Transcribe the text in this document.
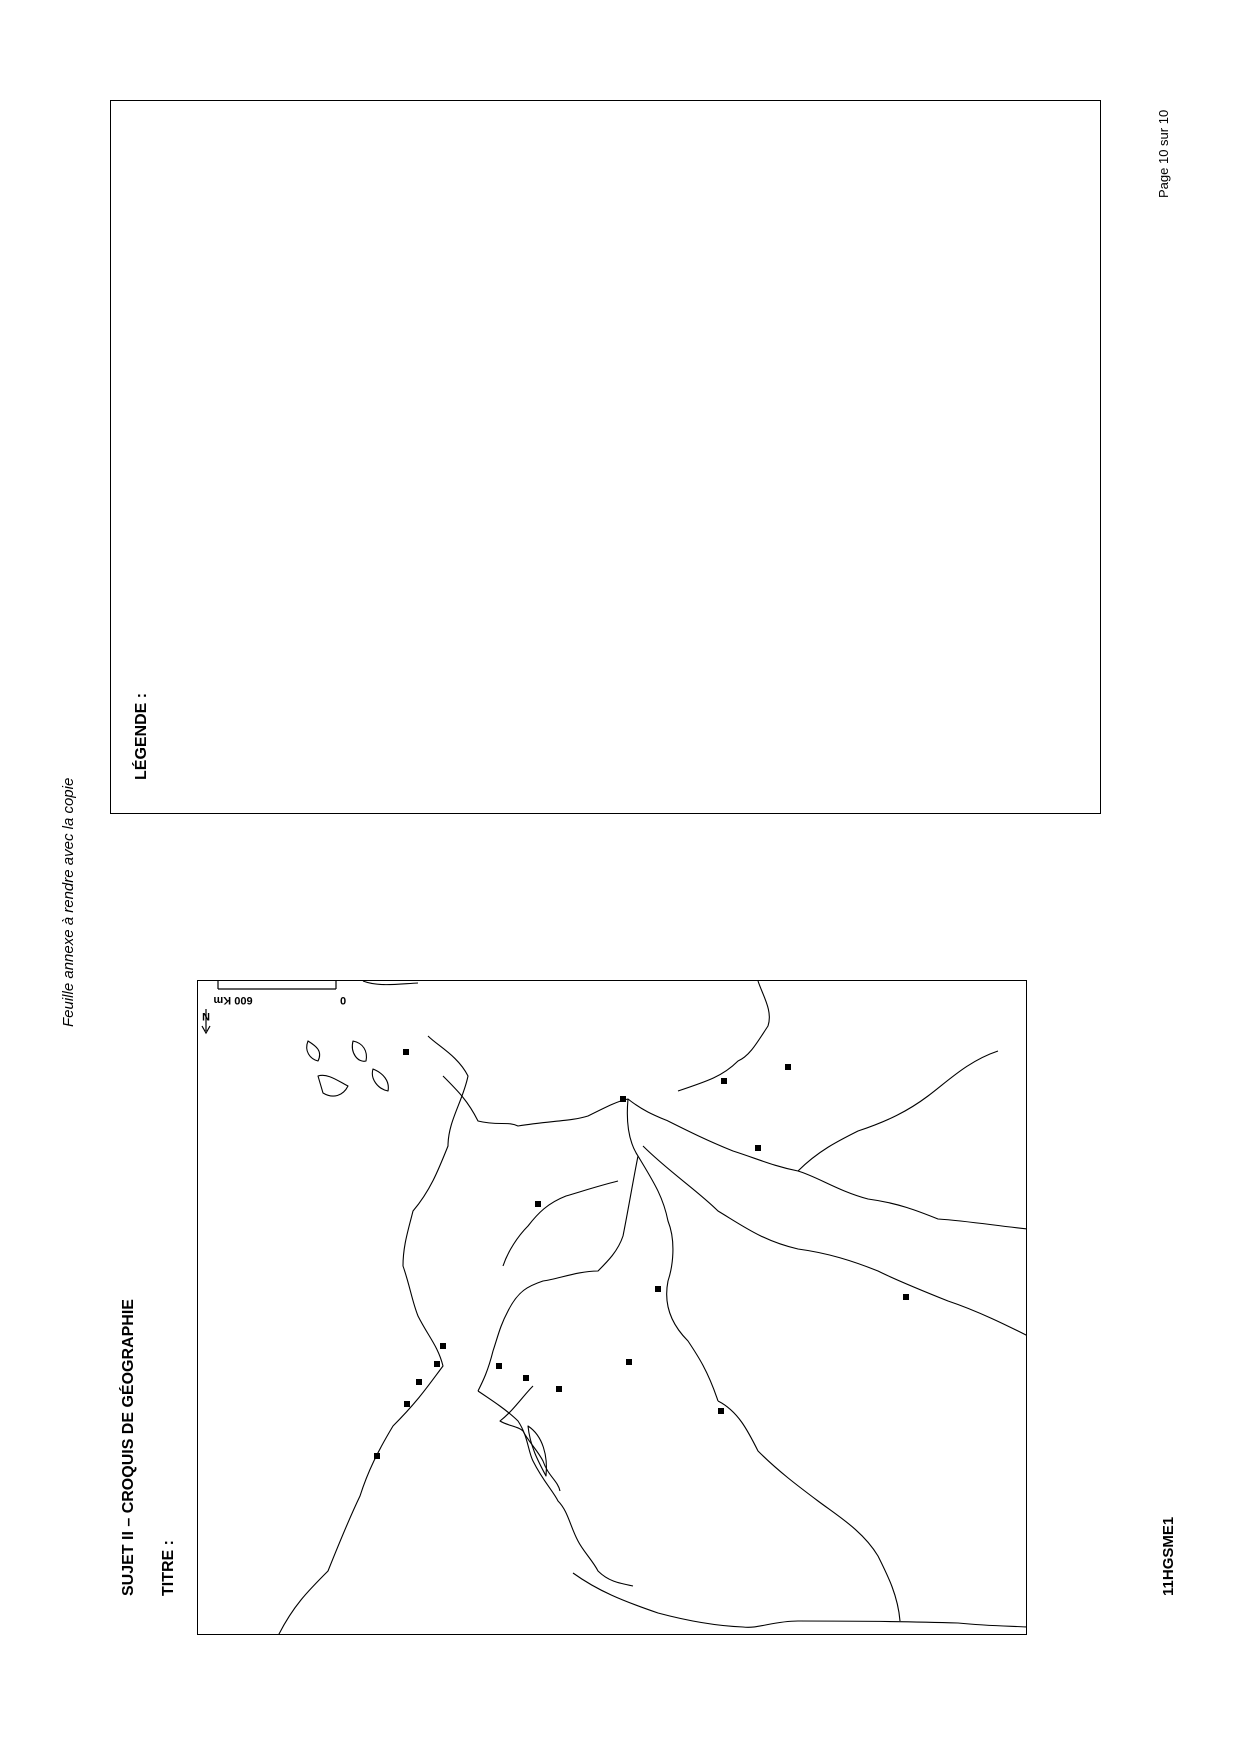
Feuille annexe à rendre avec la copie
SUJET II – CROQUIS DE GÉOGRAPHIE TITRE :
LÉGENDE :
0
600 Km
N
11HGSME1
Page 10 sur 10
